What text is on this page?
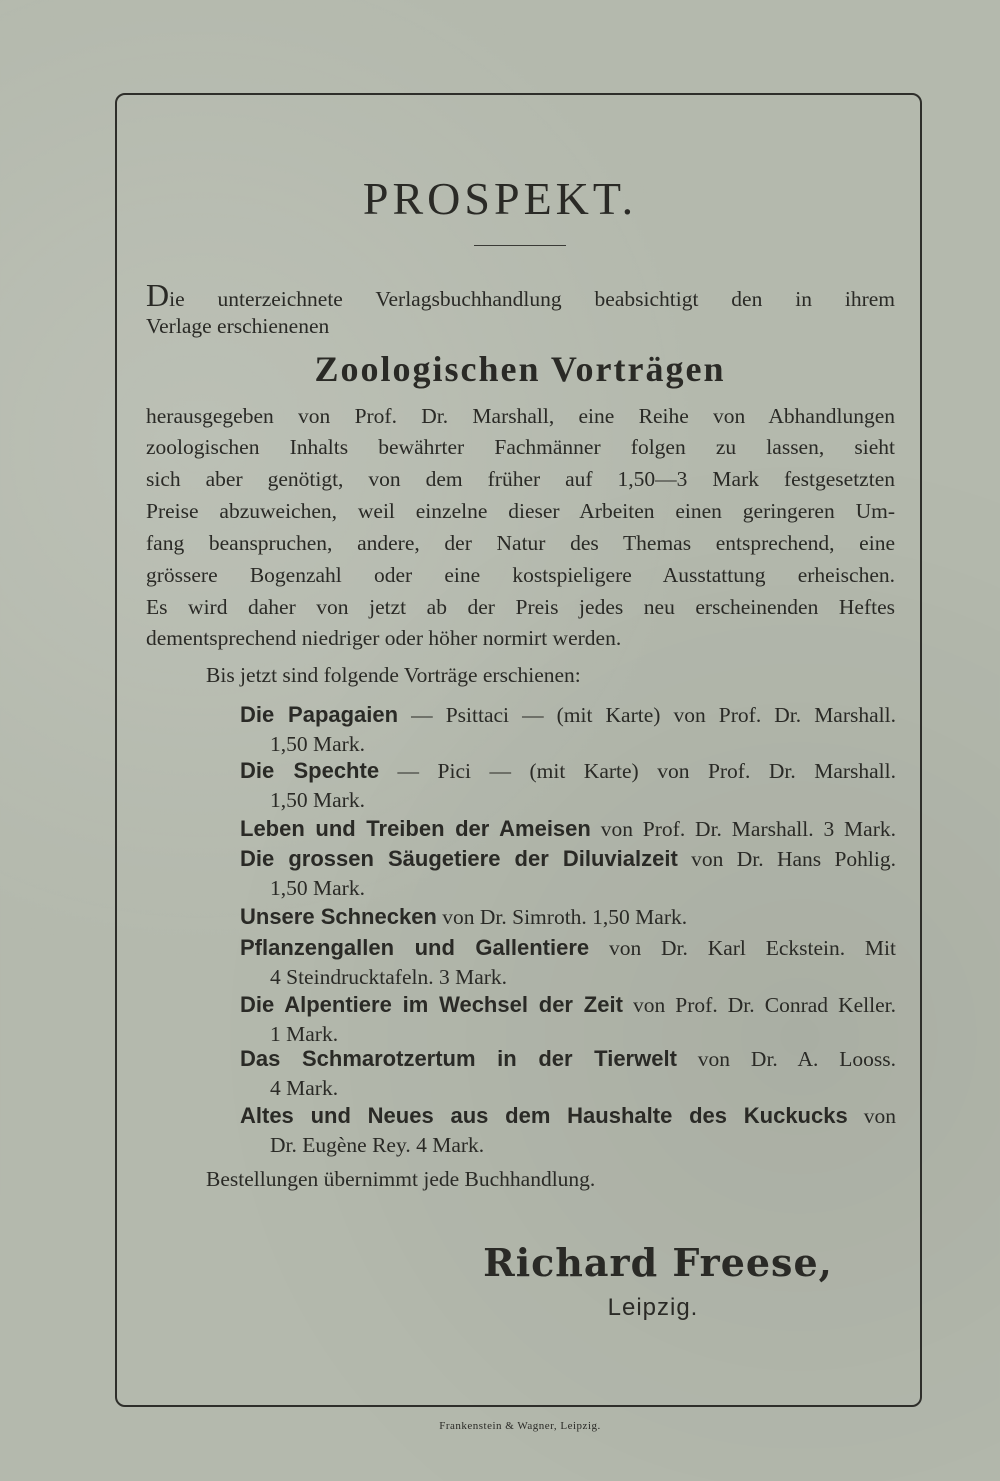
PROSPEKT.
Die unterzeichnete Verlagsbuchhandlung beabsichtigt den in ihrem
Verlage erschienenen
Zoologischen Vorträgen
herausgegeben von Prof. Dr. Marshall, eine Reihe von Abhandlungen
zoologischen Inhalts bewährter Fachmänner folgen zu lassen, sieht
sich aber genötigt, von dem früher auf 1,50—3 Mark festgesetzten
Preise abzuweichen, weil einzelne dieser Arbeiten einen geringeren Um-
fang beanspruchen, andere, der Natur des Themas entsprechend, eine
grössere Bogenzahl oder eine kostspieligere Ausstattung erheischen.
Es wird daher von jetzt ab der Preis jedes neu erscheinenden Heftes
dementsprechend niedriger oder höher normirt werden.
Bis jetzt sind folgende Vorträge erschienen:
Die Papagaien — Psittaci — (mit Karte) von Prof. Dr. Marshall.
1,50 Mark.
Die Spechte — Pici — (mit Karte) von Prof. Dr. Marshall.
1,50 Mark.
Leben und Treiben der Ameisen von Prof. Dr. Marshall. 3 Mark.
Die grossen Säugetiere der Diluvialzeit von Dr. Hans Pohlig.
1,50 Mark.
Unsere Schnecken von Dr. Simroth. 1,50 Mark.
Pflanzengallen und Gallentiere von Dr. Karl Eckstein. Mit
4 Steindrucktafeln. 3 Mark.
Die Alpentiere im Wechsel der Zeit von Prof. Dr. Conrad Keller.
1 Mark.
Das Schmarotzertum in der Tierwelt von Dr. A. Looss.
4 Mark.
Altes und Neues aus dem Haushalte des Kuckucks von
Dr. Eugène Rey. 4 Mark.
Bestellungen übernimmt jede Buchhandlung.
Richard Freese,
Leipzig.
Frankenstein & Wagner, Leipzig.
